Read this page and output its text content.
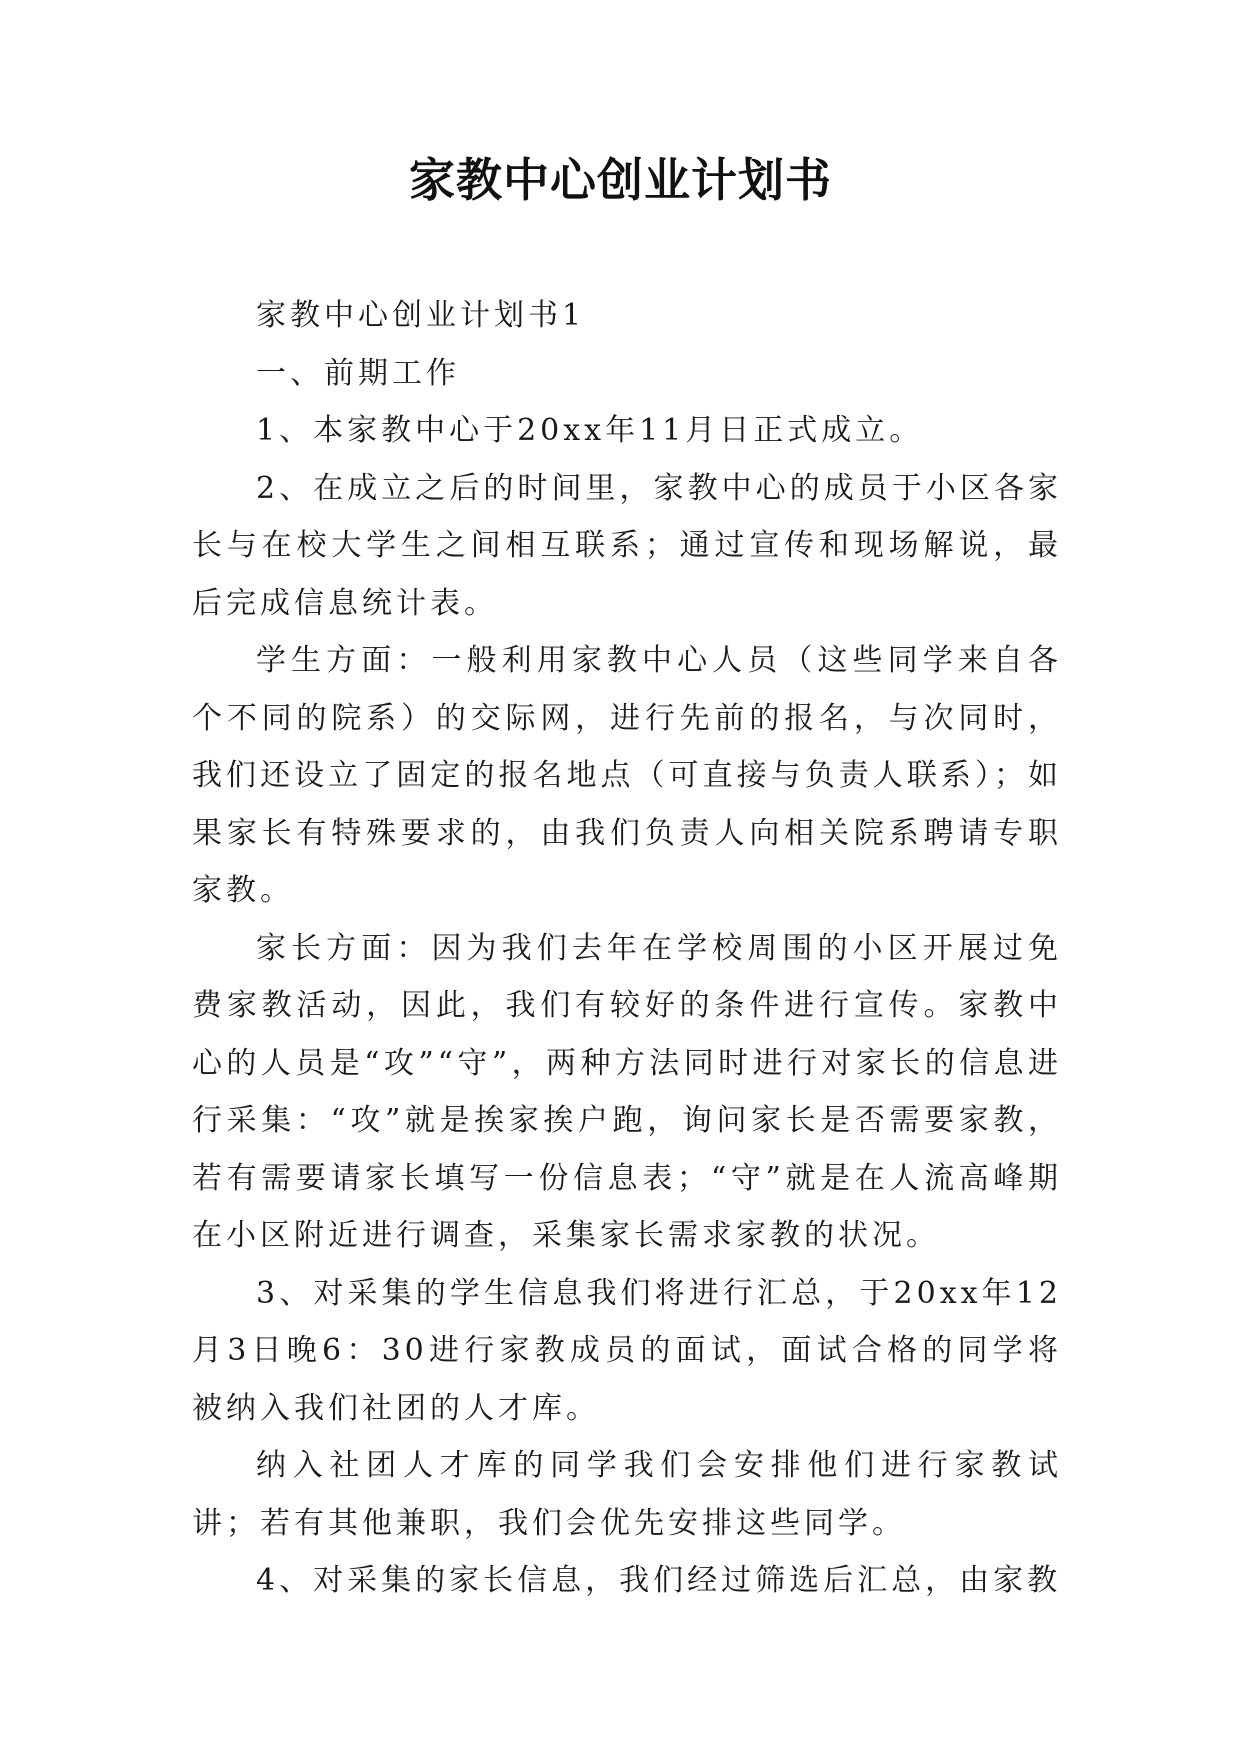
家教中心创业计划书

家教中心创业计划书1

一、前期工作

1、本家教中心于20xx年11月日正式成立。

2、在成立之后的时间里，家教中心的成员于小区各家长与在校大学生之间相互联系；通过宣传和现场解说，最后完成信息统计表。

学生方面：一般利用家教中心人员（这些同学来自各个不同的院系）的交际网，进行先前的报名，与次同时，我们还设立了固定的报名地点（可直接与负责人联系）；如果家长有特殊要求的，由我们负责人向相关院系聘请专职家教。

家长方面：因为我们去年在学校周围的小区开展过免费家教活动，因此，我们有较好的条件进行宣传。家教中心的人员是“攻”“守”，两种方法同时进行对家长的信息进行采集：“攻”就是挨家挨户跑，询问家长是否需要家教，若有需要请家长填写一份信息表；“守”就是在人流高峰期在小区附近进行调查，采集家长需求家教的状况。

3、对采集的学生信息我们将进行汇总，于20xx年12月3日晚6：30进行家教成员的面试，面试合格的同学将被纳入我们社团的人才库。

纳入社团人才库的同学我们会安排他们进行家教试讲；若有其他兼职，我们会优先安排这些同学。

4、对采集的家长信息，我们经过筛选后汇总，由家教
